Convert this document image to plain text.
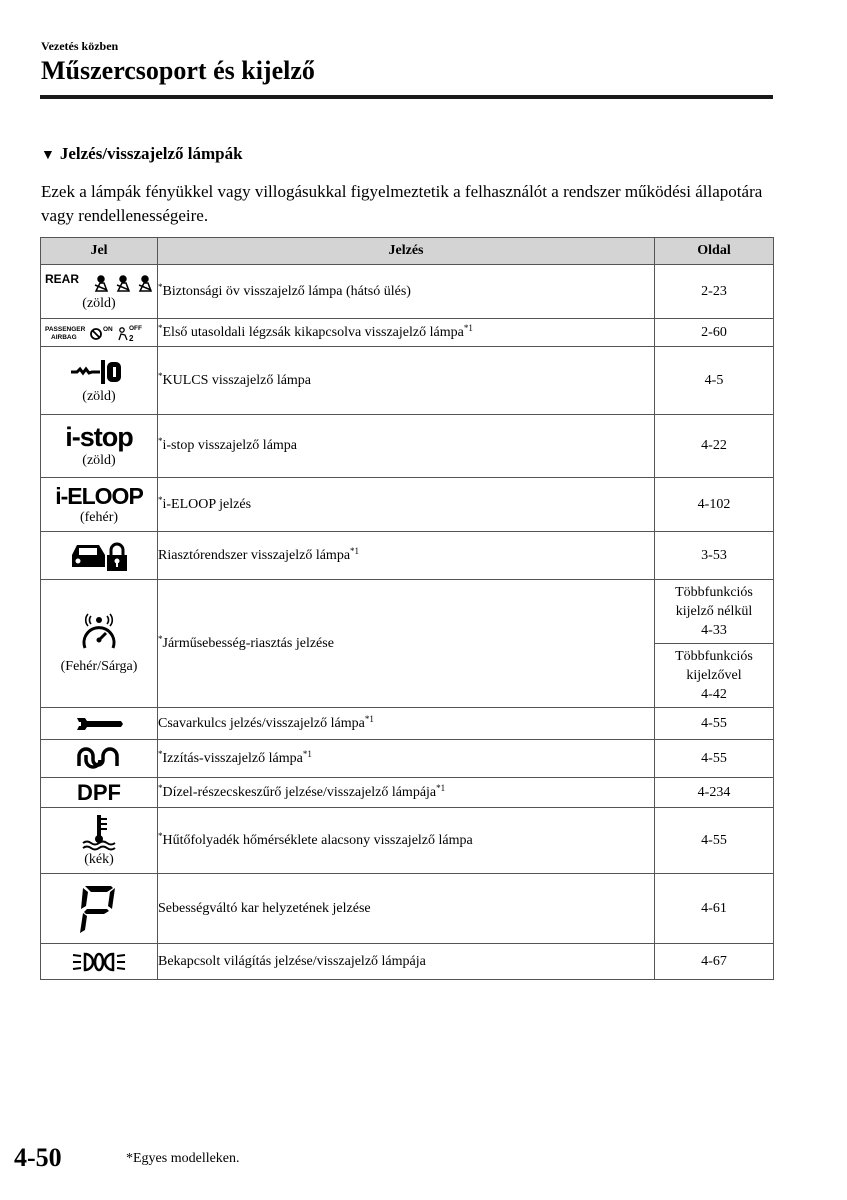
Vezetés közben
Műszercsoport és kijelző
▼ Jelzés/visszajelző lámpák
Ezek a lámpák fényükkel vagy villogásukkal figyelmeztetik a felhasználót a rendszer működési állapotára vagy rendellenességeire.
Jel	Jelzés	Oldal

REAR
(zöld)	*Biztonsági öv visszajelző lámpa (hátsó ülés)	2-23

PASSENGER
AIRBAG
ON OFF
2	*Első utasoldali légzsák kikapcsolva visszajelző lámpa$^{*1}$	2-60

(zöld)	*KULCS visszajelző lámpa	4-5

i-stop
(zöld)	*i-stop visszajelző lámpa	4-22

i-ELOOP
(fehér)	*i-ELOOP jelzés	4-102

	Riasztórendszer visszajelző lámpa$^{*1}$	3-53

(Fehér/Sárga)	*Járműsebesség-riasztás jelzése	Többfunkciós
kijelző nélkül
4-33

		Többfunkciós
kijelzővel
4-42

	Csavarkulcs jelzés/visszajelző lámpa$^{*1}$	4-55

	*Izzítás-visszajelző lámpa$^{*1}$	4-55

DPF	*Dízel-részecskeszűrő jelzése/visszajelző lámpája$^{*1}$	4-234

(kék)	*Hűtőfolyadék hőmérséklete alacsony visszajelző lámpa	4-55

	Sebességváltó kar helyzetének jelzése	4-61

	Bekapcsolt világítás jelzése/visszajelző lámpája	4-67
4-50	*Egyes modelleken.
